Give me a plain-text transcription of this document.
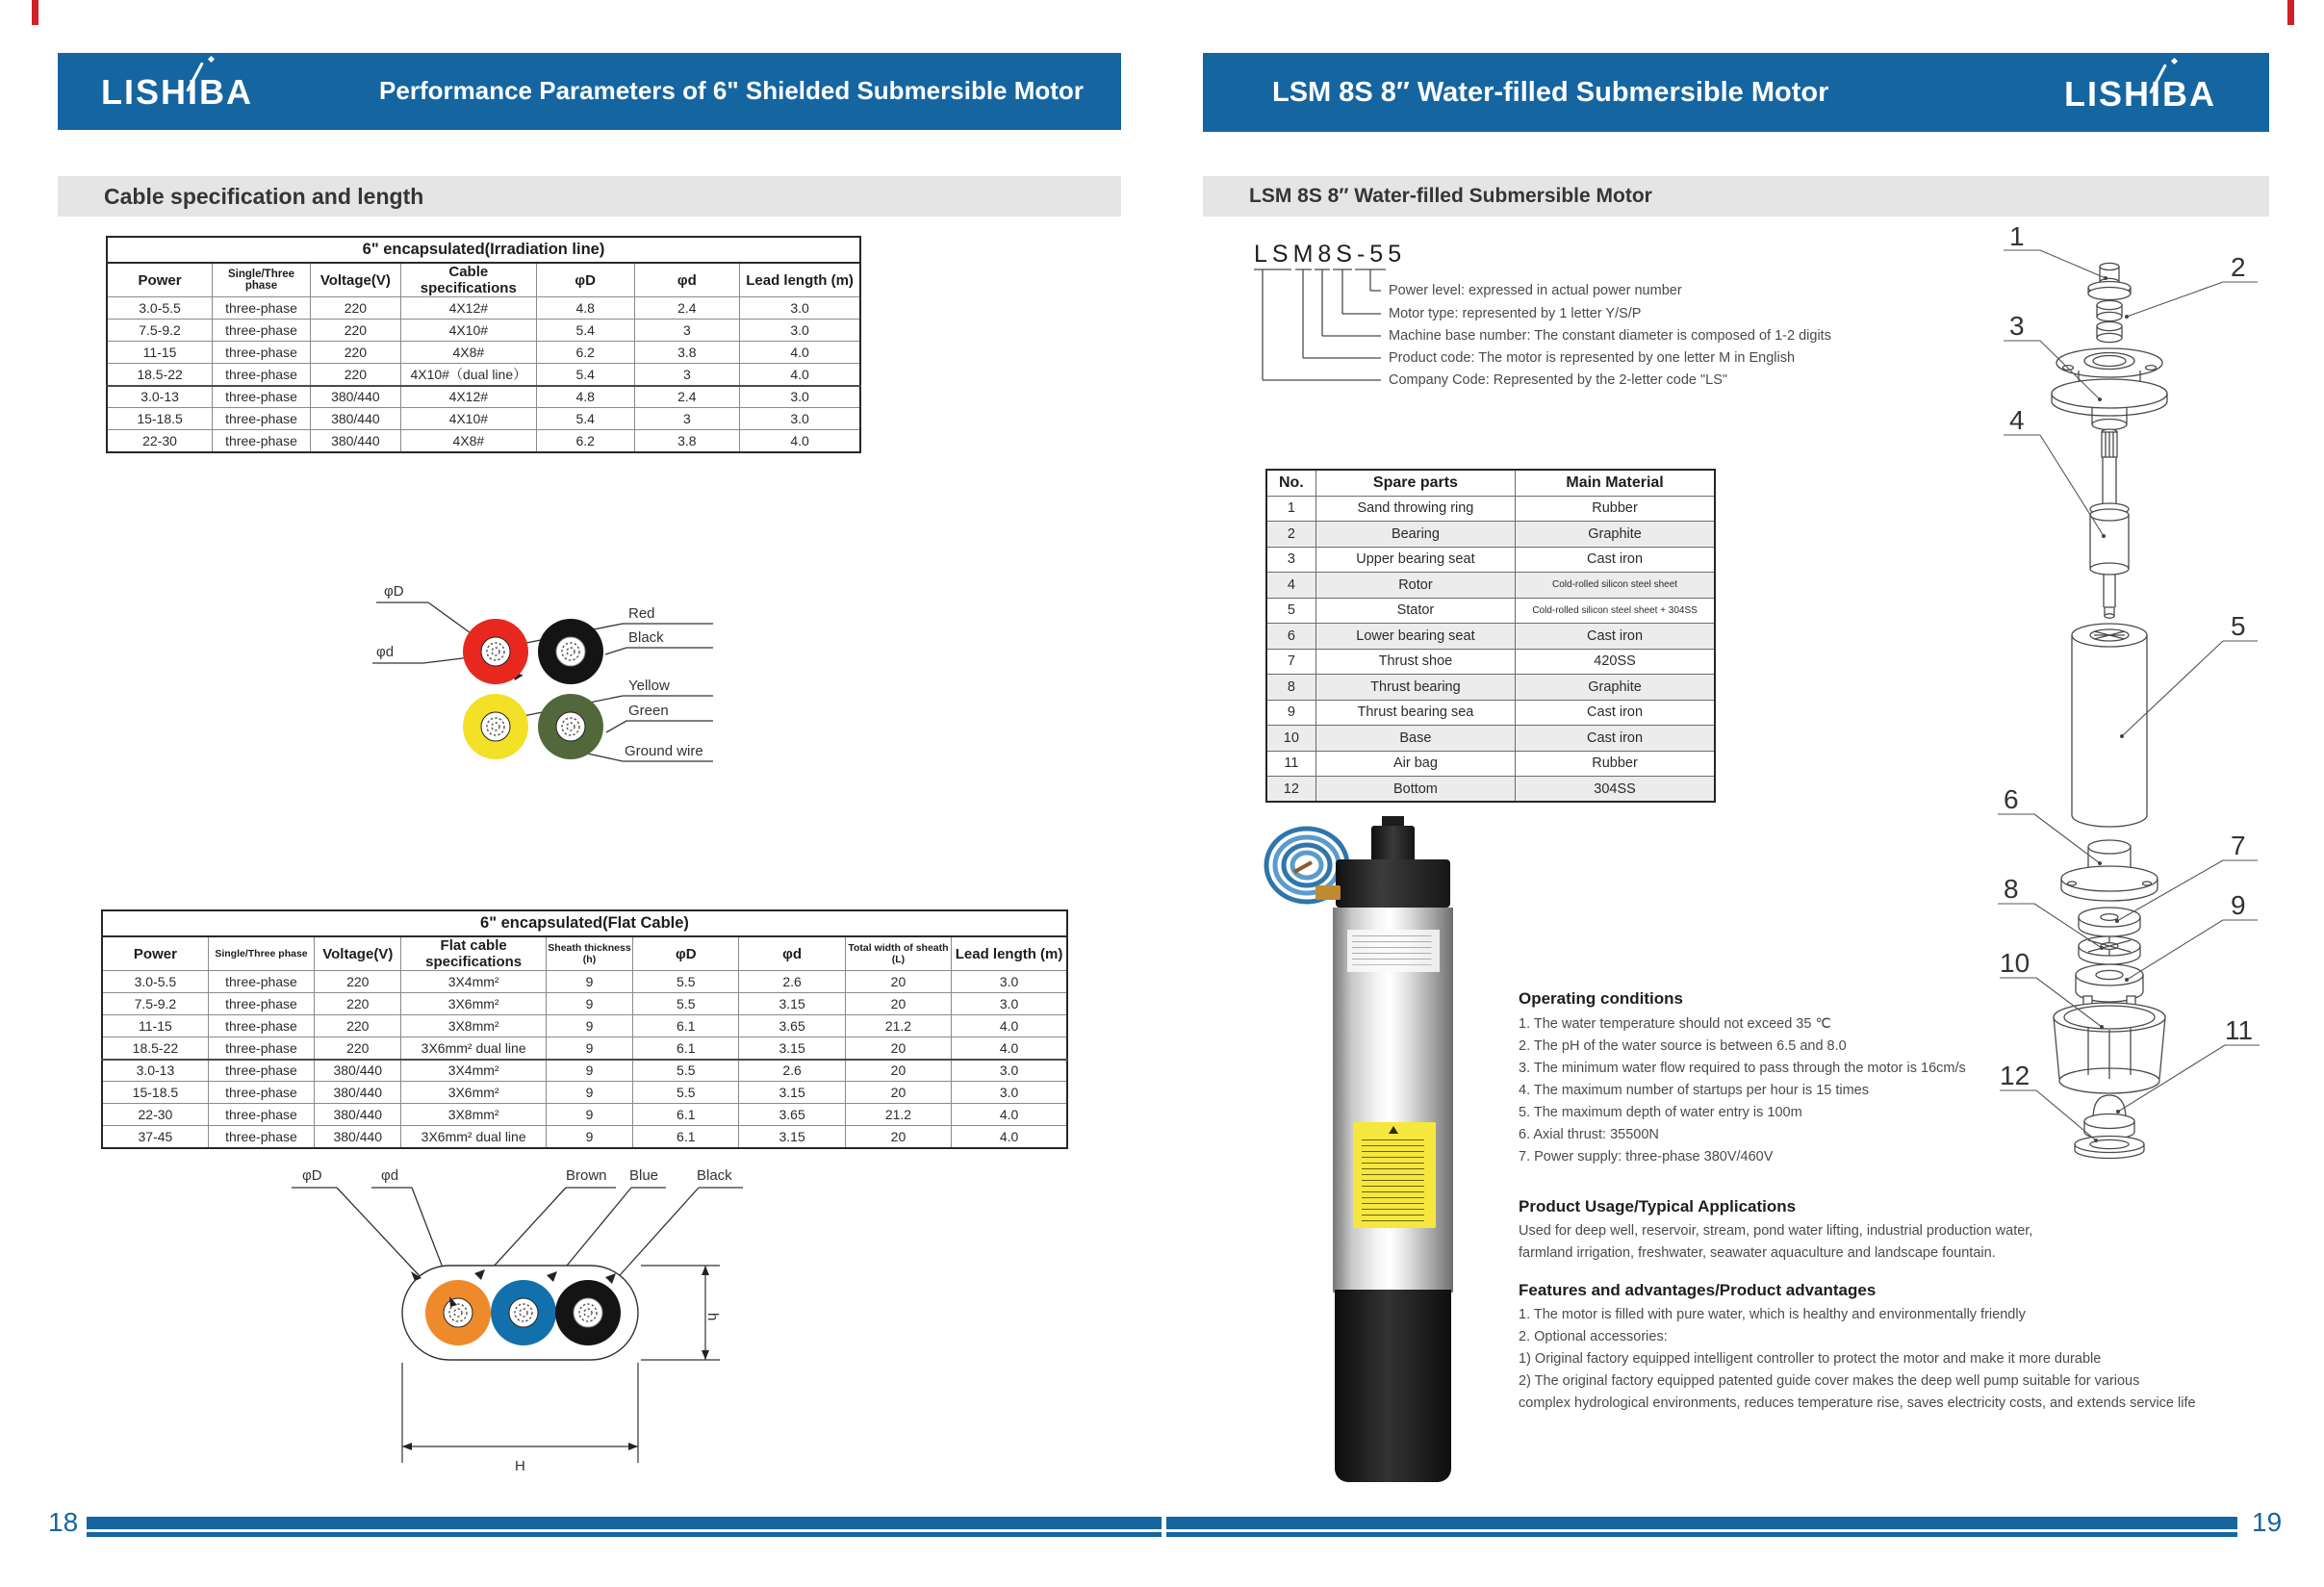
LISHIBA	Performance Parameters of 6" Shielded Submersible Motor
Cable specification and length
6" encapsulated(Irradiation line)						
Power	Single/Three phase	Voltage(V)	Cable specifications	φD	φd	Lead length (m)
3.0-5.5	three-phase	220	4X12#	4.8	2.4	3.0
7.5-9.2	three-phase	220	4X10#	5.4	3	3.0
11-15	three-phase	220	4X8#	6.2	3.8	4.0
18.5-22	three-phase	220	4X10#（dual line）	5.4	3	4.0
3.0-13	three-phase	380/440	4X12#	4.8	2.4	3.0
15-18.5	three-phase	380/440	4X10#	5.4	3	3.0
22-30	three-phase	380/440	4X8#	6.2	3.8	4.0
φD
φd
Red
Black
Yellow
Green
Ground wire
6" encapsulated(Flat Cable)								
Power	Single/Three phase	Voltage(V)	Flat cable specifications	Sheath thickness (h)	φD	φd	Total width of sheath (L)	Lead length (m)
3.0-5.5	three-phase	220	3X4mm²	9	5.5	2.6	20	3.0
7.5-9.2	three-phase	220	3X6mm²	9	5.5	3.15	20	3.0
11-15	three-phase	220	3X8mm²	9	6.1	3.65	21.2	4.0
18.5-22	three-phase	220	3X6mm² dual line	9	6.1	3.15	20	4.0
3.0-13	three-phase	380/440	3X4mm²	9	5.5	2.6	20	3.0
15-18.5	three-phase	380/440	3X6mm²	9	5.5	3.15	20	3.0
22-30	three-phase	380/440	3X8mm²	9	6.1	3.65	21.2	4.0
37-45	three-phase	380/440	3X6mm² dual line	9	6.1	3.15	20	4.0
φD	φd	Brown Blue	Black
h
H
18
LSM 8S 8″ Water-filled Submersible Motor	LISHIBA
LSM 8S 8″ Water-filled Submersible Motor
LSM8S-55
Power level: expressed in actual power number
Motor type: represented by 1 letter Y/S/P
Machine base number: The constant diameter is composed of 1-2 digits
Product code: The motor is represented by one letter M in English
Company Code: Represented by the 2-letter code "LS"
No.	Spare parts	Main Material
1	Sand throwing ring	Rubber
2	Bearing	Graphite
3	Upper bearing seat	Cast iron
4	Rotor	Cold-rolled silicon steel sheet
5	Stator	Cold-rolled silicon steel sheet + 304SS
6	Lower bearing seat	Cast iron
7	Thrust shoe	420SS
8	Thrust bearing	Graphite
9	Thrust bearing sea	Cast iron
10	Base	Cast iron
11	Air bag	Rubber
12	Bottom	304SS
Operating conditions
1. The water temperature should not exceed 35 ℃
2. The pH of the water source is between 6.5 and 8.0
3. The minimum water flow required to pass through the motor is 16cm/s
4. The maximum number of startups per hour is 15 times
5. The maximum depth of water entry is 100m
6. Axial thrust: 35500N
7. Power supply: three-phase 380V/460V
Product Usage/Typical Applications
Used for deep well, reservoir, stream, pond water lifting, industrial production water,
farmland irrigation, freshwater, seawater aquaculture and landscape fountain.
Features and advantages/Product advantages
1. The motor is filled with pure water, which is healthy and environmentally friendly
2. Optional accessories:
1) Original factory equipped intelligent controller to protect the motor and make it more durable
2) The original factory equipped patented guide cover makes the deep well pump suitable for various
complex hydrological environments, reduces temperature rise, saves electricity costs, and extends service life
1
2
3
4
5
6
7
8
9
10
11
12
19
